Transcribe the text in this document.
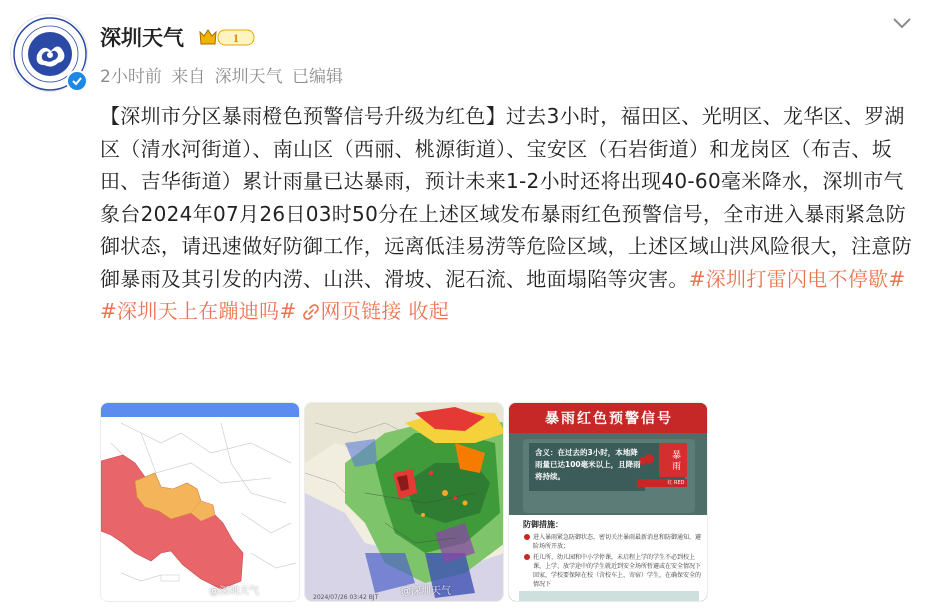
深圳天气	1
2小时前 来自 深圳天气 已编辑
【深圳市分区暴雨橙色预警信号升级为红色】过去3小时，福田区、光明区、龙华区、罗湖区（清水河街道）、南山区（西丽、桃源街道）、宝安区（石岩街道）和龙岗区（布吉、坂田、吉华街道）累计雨量已达暴雨，预计未来1-2小时还将出现40-60毫米降水，深圳市气象台2024年07月26日03时50分在上述区域发布暴雨红色预警信号，全市进入暴雨紧急防御状态，请迅速做好防御工作，远离低洼易涝等危险区域，上述区域山洪风险很大，注意防御暴雨及其引发的内涝、山洪、滑坡、泥石流、地面塌陷等灾害。#深圳打雷闪电不停歇# #深圳天上在蹦迪吗# 网页链接 收起
@深圳天气
2024/07/26 03:42 BJT
@深圳天气
暴雨红色预警信号
含义：在过去的3小时，本地降雨量已达100毫米以上，且降雨将持续。
暴雨
红 RED
防御措施：
进入暴雨紧急防御状态，密切关注暴雨最新消息和防御通知，避险场所开放；
托儿所、幼儿园和中小学停课，未启程上学的学生不必到校上课，上学、放学途中的学生就近到安全场所暂避或在安全情况下回家，学校要保障在校（含校车上、寄宿）学生，在确保安全的情况下
